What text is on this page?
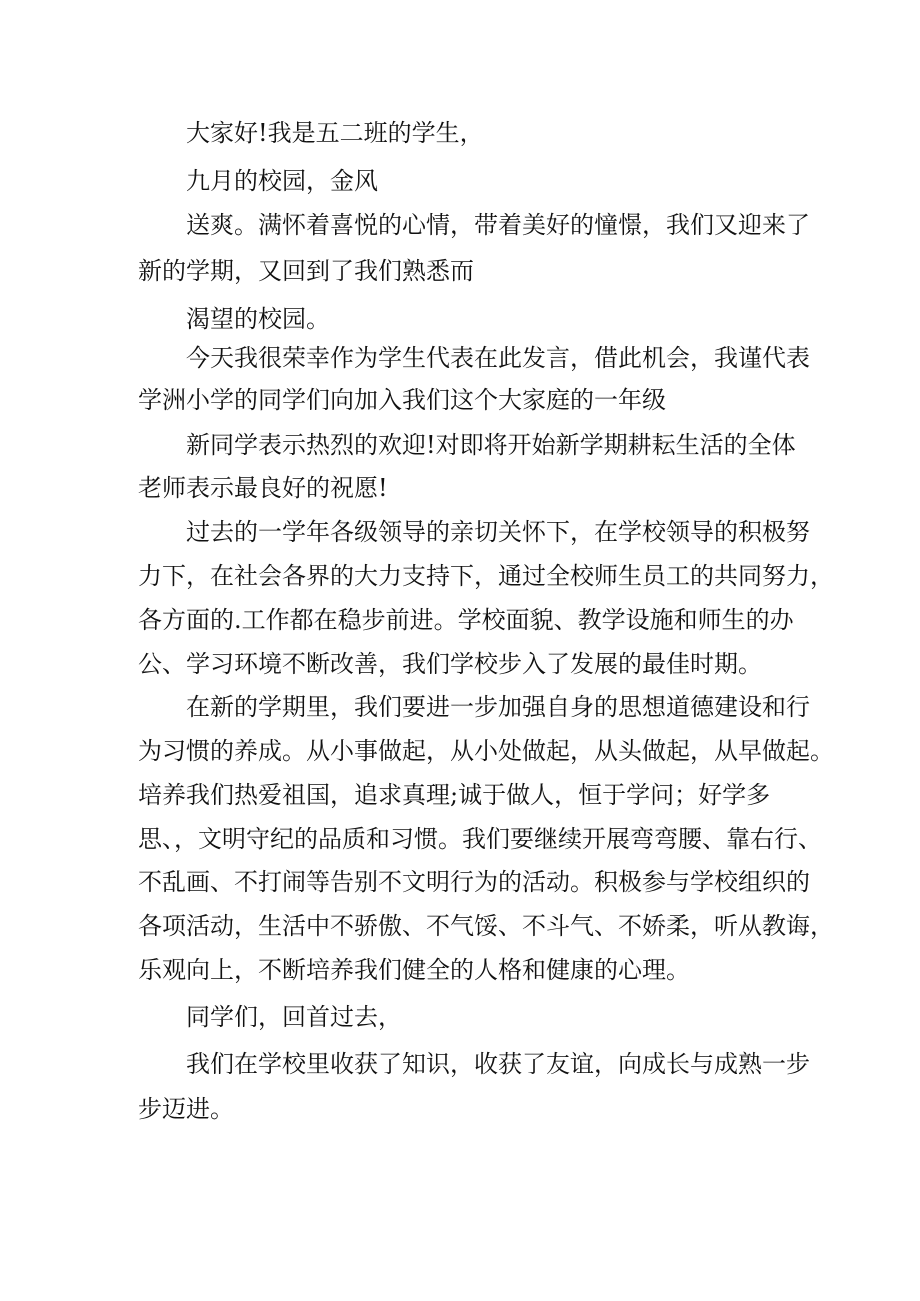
大家好!我是五二班的学生，
九月的校园，金风
送爽。满怀着喜悦的心情，带着美好的憧憬，我们又迎来了
新的学期，又回到了我们熟悉而
渴望的校园。
今天我很荣幸作为学生代表在此发言，借此机会，我谨代表
学洲小学的同学们向加入我们这个大家庭的一年级
新同学表示热烈的欢迎!对即将开始新学期耕耘生活的全体
老师表示最良好的祝愿!
过去的一学年各级领导的亲切关怀下，在学校领导的积极努
力下，在社会各界的大力支持下，通过全校师生员工的共同努力，
各方面的.工作都在稳步前进。学校面貌、教学设施和师生的办
公、学习环境不断改善，我们学校步入了发展的最佳时期。
在新的学期里，我们要进一步加强自身的思想道德建设和行
为习惯的养成。从小事做起，从小处做起，从头做起，从早做起。
培养我们热爱祖国，追求真理;诚于做人，恒于学问；好学多
思、，文明守纪的品质和习惯。我们要继续开展弯弯腰、靠右行、
不乱画、不打闹等告别不文明行为的活动。积极参与学校组织的
各项活动，生活中不骄傲、不气馁、不斗气、不娇柔，听从教诲，
乐观向上，不断培养我们健全的人格和健康的心理。
同学们，回首过去，
我们在学校里收获了知识，收获了友谊，向成长与成熟一步
步迈进。
